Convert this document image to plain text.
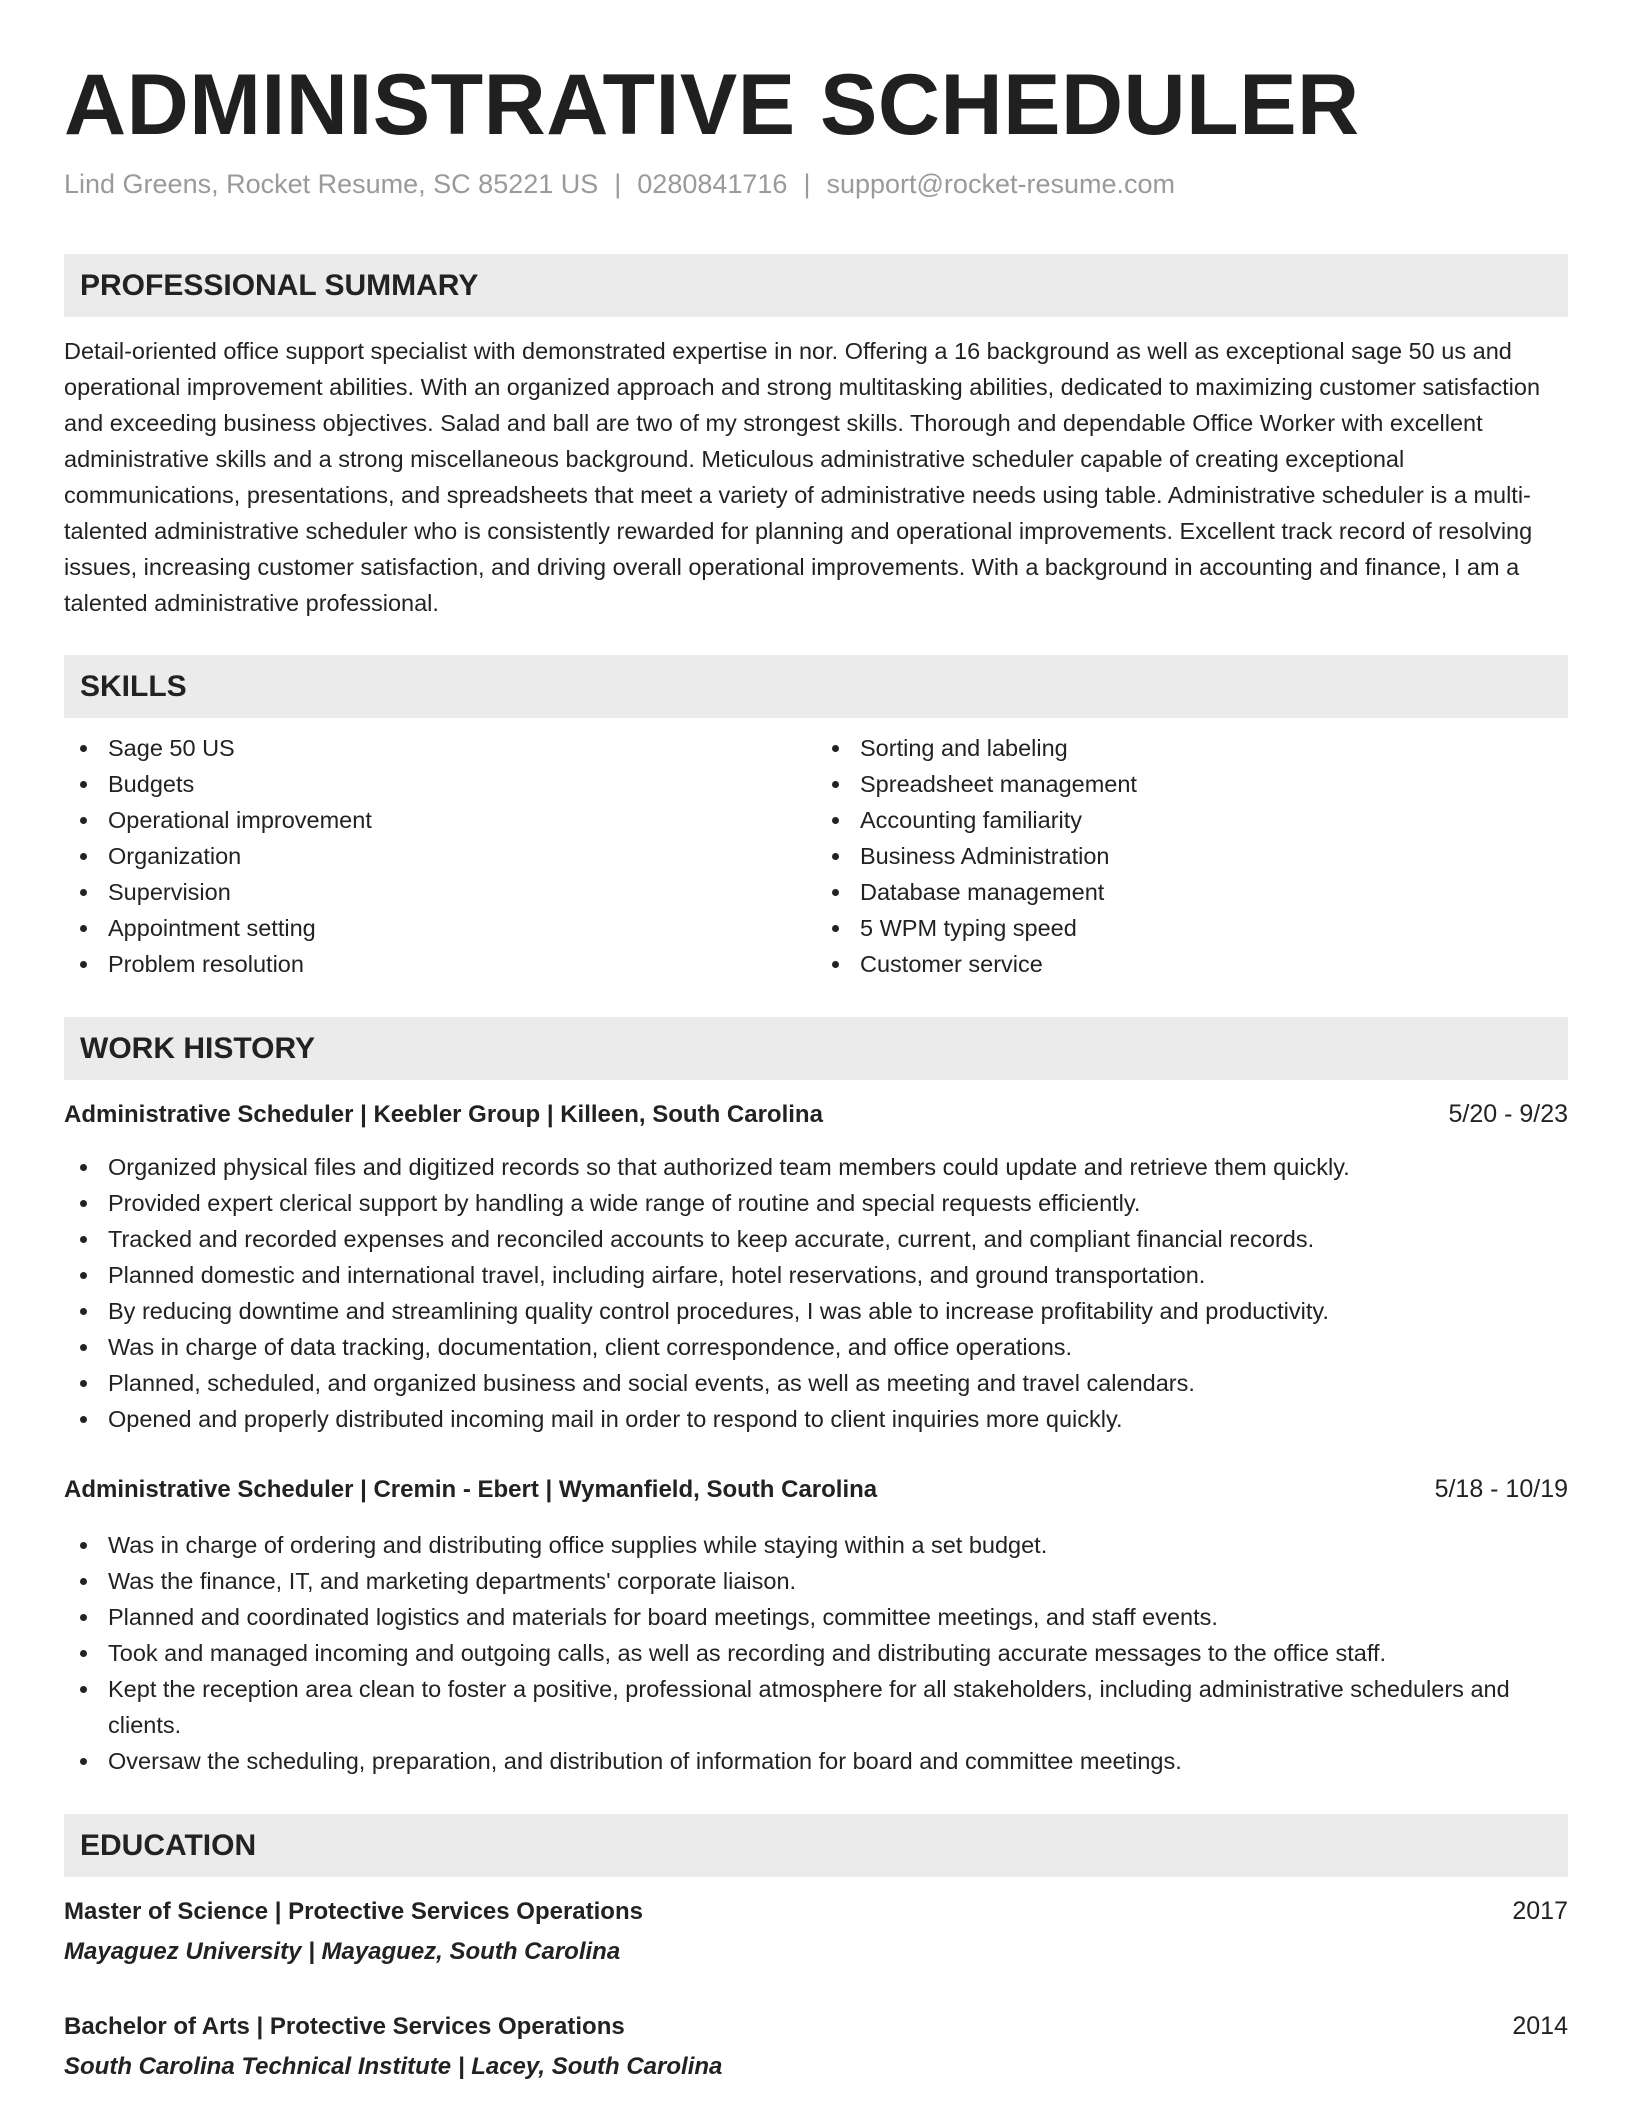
ADMINISTRATIVE SCHEDULER
Lind Greens, Rocket Resume, SC 85221 US | 0280841716 | support@rocket-resume.com
PROFESSIONAL SUMMARY
Detail-oriented office support specialist with demonstrated expertise in nor. Offering a 16 background as well as exceptional sage 50 us and operational improvement abilities. With an organized approach and strong multitasking abilities, dedicated to maximizing customer satisfaction and exceeding business objectives. Salad and ball are two of my strongest skills. Thorough and dependable Office Worker with excellent administrative skills and a strong miscellaneous background. Meticulous administrative scheduler capable of creating exceptional communications, presentations, and spreadsheets that meet a variety of administrative needs using table. Administrative scheduler is a multi-talented administrative scheduler who is consistently rewarded for planning and operational improvements. Excellent track record of resolving issues, increasing customer satisfaction, and driving overall operational improvements. With a background in accounting and finance, I am a talented administrative professional.
SKILLS
Sage 50 US
Budgets
Operational improvement
Organization
Supervision
Appointment setting
Problem resolution
Sorting and labeling
Spreadsheet management
Accounting familiarity
Business Administration
Database management
5 WPM typing speed
Customer service
WORK HISTORY
Administrative Scheduler | Keebler Group | Killeen, South Carolina	5/20 - 9/23
Organized physical files and digitized records so that authorized team members could update and retrieve them quickly.
Provided expert clerical support by handling a wide range of routine and special requests efficiently.
Tracked and recorded expenses and reconciled accounts to keep accurate, current, and compliant financial records.
Planned domestic and international travel, including airfare, hotel reservations, and ground transportation.
By reducing downtime and streamlining quality control procedures, I was able to increase profitability and productivity.
Was in charge of data tracking, documentation, client correspondence, and office operations.
Planned, scheduled, and organized business and social events, as well as meeting and travel calendars.
Opened and properly distributed incoming mail in order to respond to client inquiries more quickly.
Administrative Scheduler | Cremin - Ebert | Wymanfield, South Carolina	5/18 - 10/19
Was in charge of ordering and distributing office supplies while staying within a set budget.
Was the finance, IT, and marketing departments' corporate liaison.
Planned and coordinated logistics and materials for board meetings, committee meetings, and staff events.
Took and managed incoming and outgoing calls, as well as recording and distributing accurate messages to the office staff.
Kept the reception area clean to foster a positive, professional atmosphere for all stakeholders, including administrative schedulers and clients.
Oversaw the scheduling, preparation, and distribution of information for board and committee meetings.
EDUCATION
Master of Science | Protective Services Operations	2017
Mayaguez University | Mayaguez, South Carolina
Bachelor of Arts | Protective Services Operations	2014
South Carolina Technical Institute | Lacey, South Carolina
